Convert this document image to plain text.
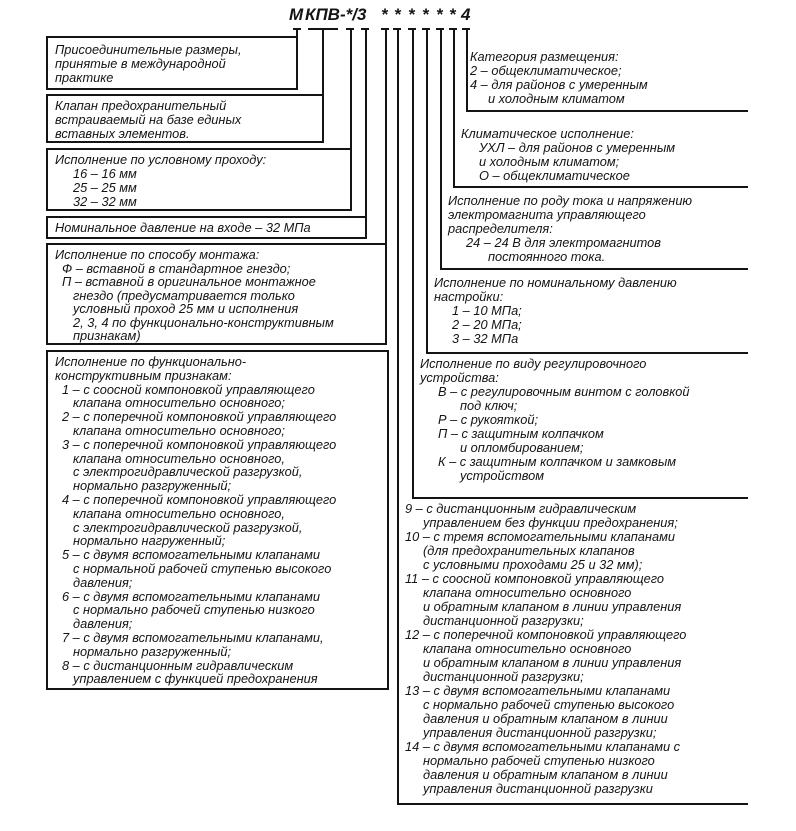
М КПВ -*/3 * * * * * * 4
Присоединительные размеры,
принятые в международной
практике
Клапан предохранительный
встраиваемый на базе единых
вставных элементов.
Исполнение по условному проходу:
16 – 16 мм
25 – 25 мм
32 – 32 мм
Номинальное давление на входе – 32 МПа
Исполнение по способу монтажа:
Ф – вставной в стандартное гнездо;
П – вставной в оригинальное монтажное
гнездо (предусматривается только
условный проход 25 мм и исполнения
2, 3, 4 по функционально-конструктивным
признакам)
Исполнение по функционально-
конструктивным признакам:
1 – с соосной компоновкой управляющего
клапана относительно основного;
2 – с поперечной компоновкой управляющего
клапана относительно основного;
3 – с поперечной компоновкой управляющего
клапана относительно основного,
с электрогидравлической разгрузкой,
нормально разгруженный;
4 – с поперечной компоновкой управляющего
клапана относительно основного,
с электрогидравлической разгрузкой,
нормально нагруженный;
5 – с двумя вспомогательными клапанами
с нормальной рабочей ступенью высокого
давления;
6 – с двумя вспомогательными клапанами
с нормально рабочей ступенью низкого
давления;
7 – с двумя вспомогательными клапанами,
нормально разгруженный;
8 – с дистанционным гидравлическим
управлением с функцией предохранения
Категория размещения:
2 – общеклиматическое;
4 – для районов с умеренным
и холодным климатом
Климатическое исполнение:
УХЛ – для районов с умеренным
и холодным климатом;
О – общеклиматическое
Исполнение по роду тока и напряжению
электромагнита управляющего
распределителя:
24 – 24 В для электромагнитов
постоянного тока.
Исполнение по номинальному давлению
настройки:
1 – 10 МПа;
2 – 20 МПа;
3 – 32 МПа
Исполнение по виду регулировочного
устройства:
В – с регулировочным винтом с головкой
под ключ;
Р – с рукояткой;
П – с защитным колпачком
и опломбированием;
К – с защитным колпачком и замковым
устройством
9 – с дистанционным гидравлическим
управлением без функции предохранения;
10 – с тремя вспомогательными клапанами
(для предохранительных клапанов
с условными проходами 25 и 32 мм);
11 – с соосной компоновкой управляющего
клапана относительно основного
и обратным клапаном в линии управления
дистанционной разгрузки;
12 – с поперечной компоновкой управляющего
клапана относительно основного
и обратным клапаном в линии управления
дистанционной разгрузки;
13 – с двумя вспомогательными клапанами
с нормально рабочей ступенью высокого
давления и обратным клапаном в линии
управления дистанционной разгрузки;
14 – с двумя вспомогательными клапанами с
нормально рабочей ступенью низкого
давления и обратным клапаном в линии
управления дистанционной разгрузки
